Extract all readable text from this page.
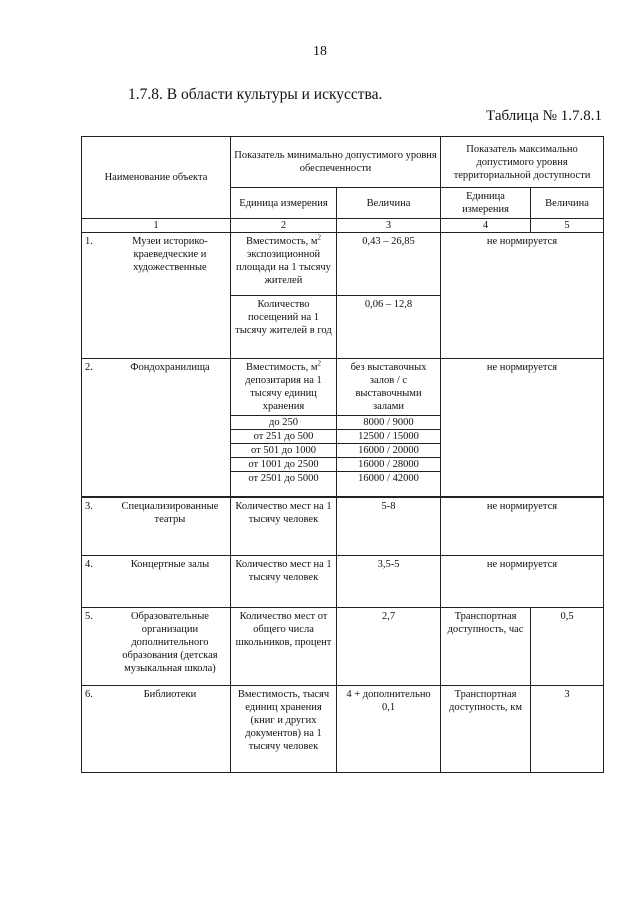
18
1.7.8. В области культуры и искусства.
Таблица № 1.7.8.1
Наименование объекта	Показатель минимально допустимого уровня обеспеченности		Показатель максимально допустимого уровня территориальной доступности	
	Единица измерения	Величина	Единица измерения	Величина
1	2	3	4	5

1. Музеи историко-краеведческие и художественные	Вместимость, $м^2$ экспозиционной площади на 1 тысячу жителей	0,43 – 26,85	не нормируется	
	Количество посещений на 1 тысячу жителей в год	0,06 – 12,8		

2. Фондохранилища	Вместимость, $м^2$ депозитария на 1 тысячу единиц хранения	без выставочных залов / с выставочными залами	не нормируется	
	до 250	8000 / 9000		
	от 251 до 500	12500 / 15000		
	от 501 до 1000	16000 / 20000		
	от 1001 до 2500	16000 / 28000		
	от 2501 до 5000	16000 / 42000		

3. Специализированные театры	Количество мест на 1 тысячу человек	5-8	не нормируется	

4. Концертные залы	Количество мест на 1 тысячу человек	3,5-5	не нормируется	

5. Образовательные организации дополнительного образования (детская музыкальная школа)	Количество мест от общего числа школьников, процент	2,7	Транспортная доступность, час	0,5

6. Библиотеки	Вместимость, тысяч единиц хранения (книг и других документов) на 1 тысячу человек	4 + дополнительно 0,1	Транспортная доступность, км	3
